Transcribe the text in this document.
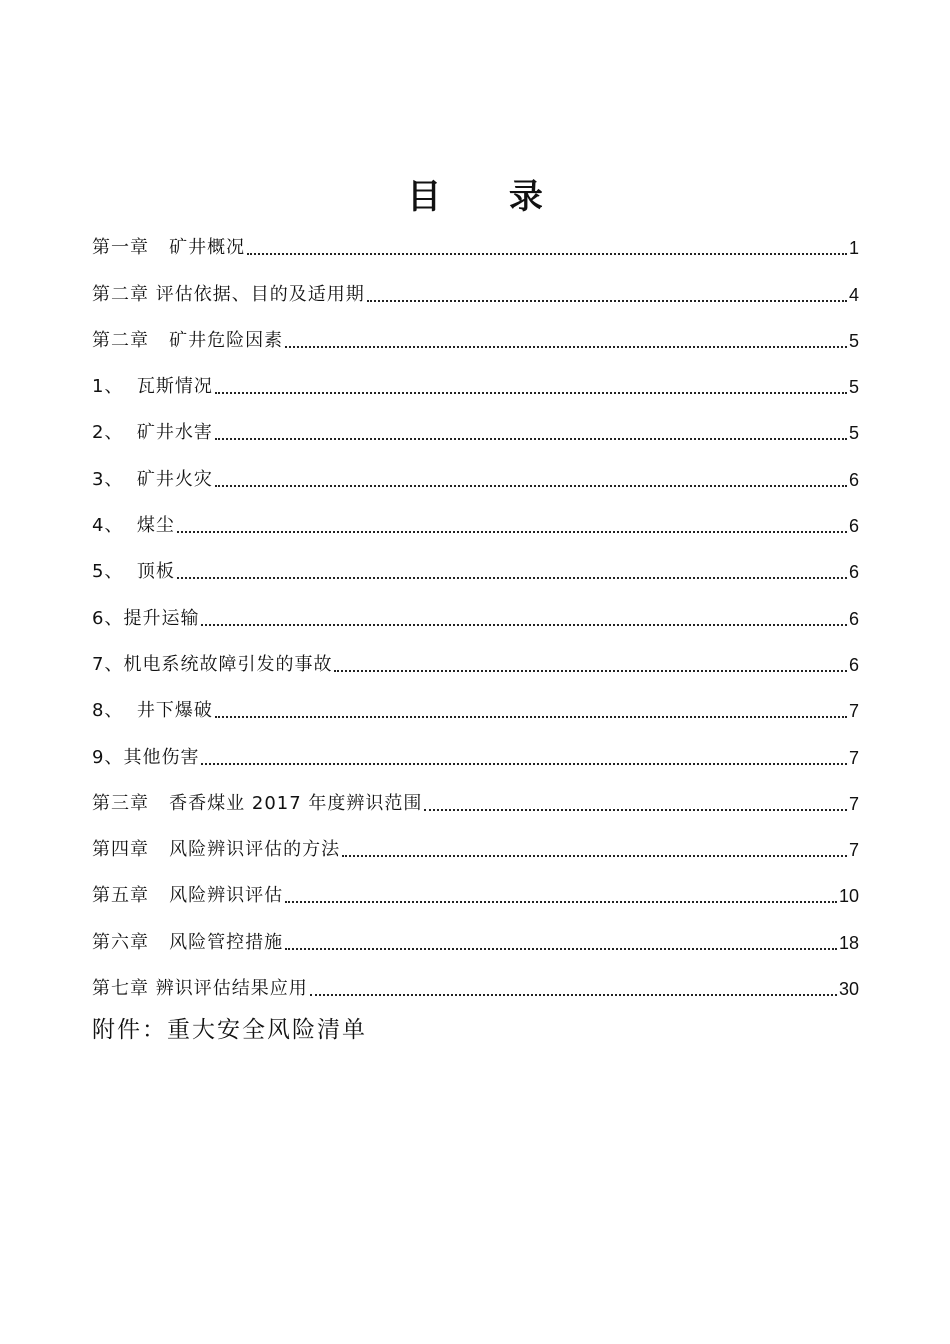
目 录
第一章   矿井概况	1
第二章 评估依据、目的及适用期	4
第二章   矿井危险因素	5
1、  瓦斯情况	5
2、  矿井水害	5
3、  矿井火灾	6
4、  煤尘	6
5、  顶板	6
6、提升运输	6
7、机电系统故障引发的事故	6
8、  井下爆破	7
9、其他伤害	7
第三章   香香煤业 2017 年度辨识范围	7
第四章   风险辨识评估的方法	7
第五章   风险辨识评估	10
第六章   风险管控措施	18
第七章 辨识评估结果应用	30
附件：重大安全风险清单
